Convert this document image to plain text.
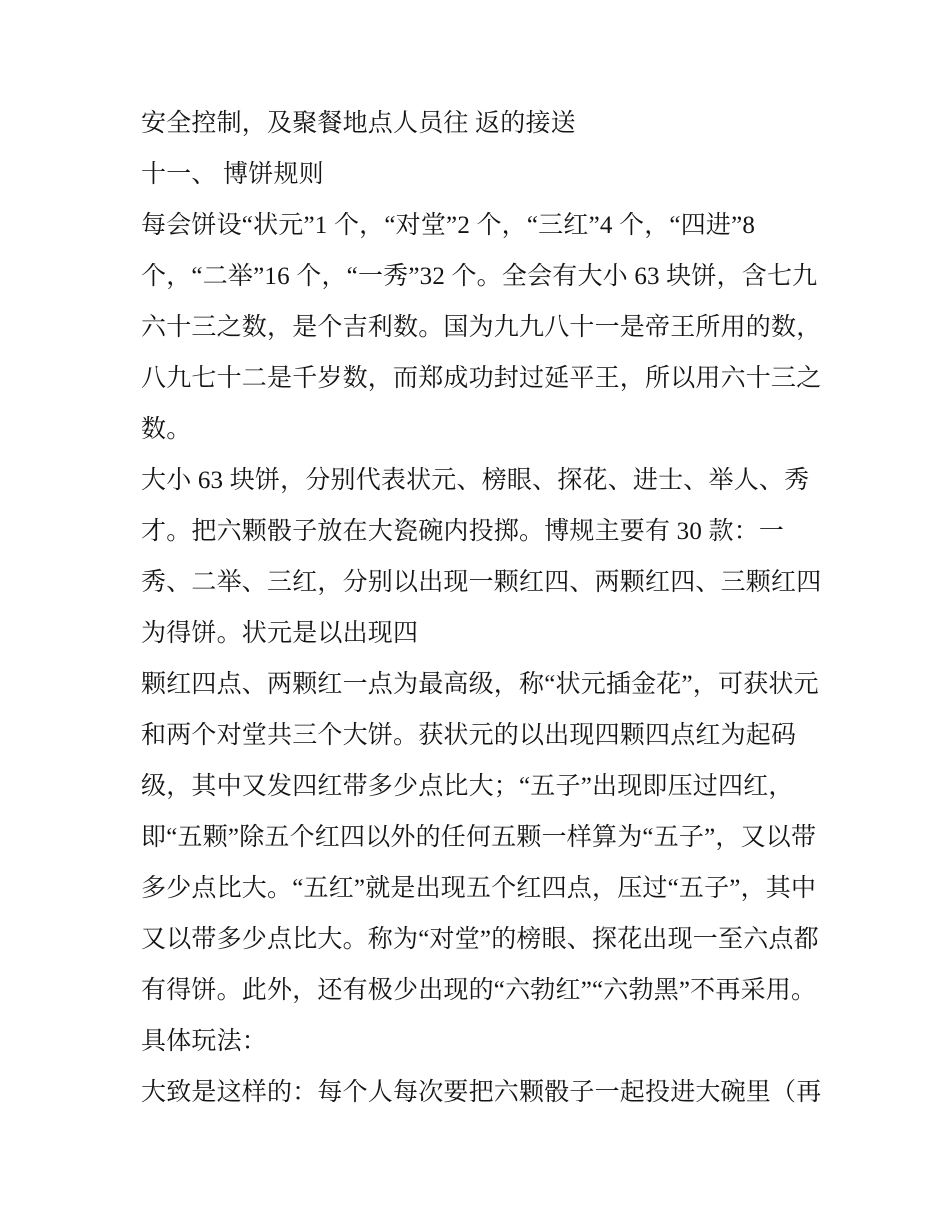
安全控制，及聚餐地点人员往 返的接送

十一、 博饼规则

每会饼设“状元”1 个，“对堂”2 个，“三红”4 个，“四进”8

个，“二举”16 个，“一秀”32 个。全会有大小 63 块饼，含七九

六十三之数，是个吉利数。国为九九八十一是帝王所用的数，

八九七十二是千岁数，而郑成功封过延平王，所以用六十三之

数。

大小 63 块饼，分别代表状元、榜眼、探花、进士、举人、秀

才。把六颗骰子放在大瓷碗内投掷。博规主要有 30 款：一

秀、二举、三红，分别以出现一颗红四、两颗红四、三颗红四

为得饼。状元是以出现四

颗红四点、两颗红一点为最高级，称“状元插金花”，可获状元

和两个对堂共三个大饼。获状元的以出现四颗四点红为起码

级，其中又发四红带多少点比大；“五子”出现即压过四红，

即“五颗”除五个红四以外的任何五颗一样算为“五子”，又以带

多少点比大。“五红”就是出现五个红四点，压过“五子”，其中

又以带多少点比大。称为“对堂”的榜眼、探花出现一至六点都

有得饼。此外，还有极少出现的“六勃红”“六勃黑”不再采用。

具体玩法：

大致是这样的：每个人每次要把六颗骰子一起投进大碗里（再
